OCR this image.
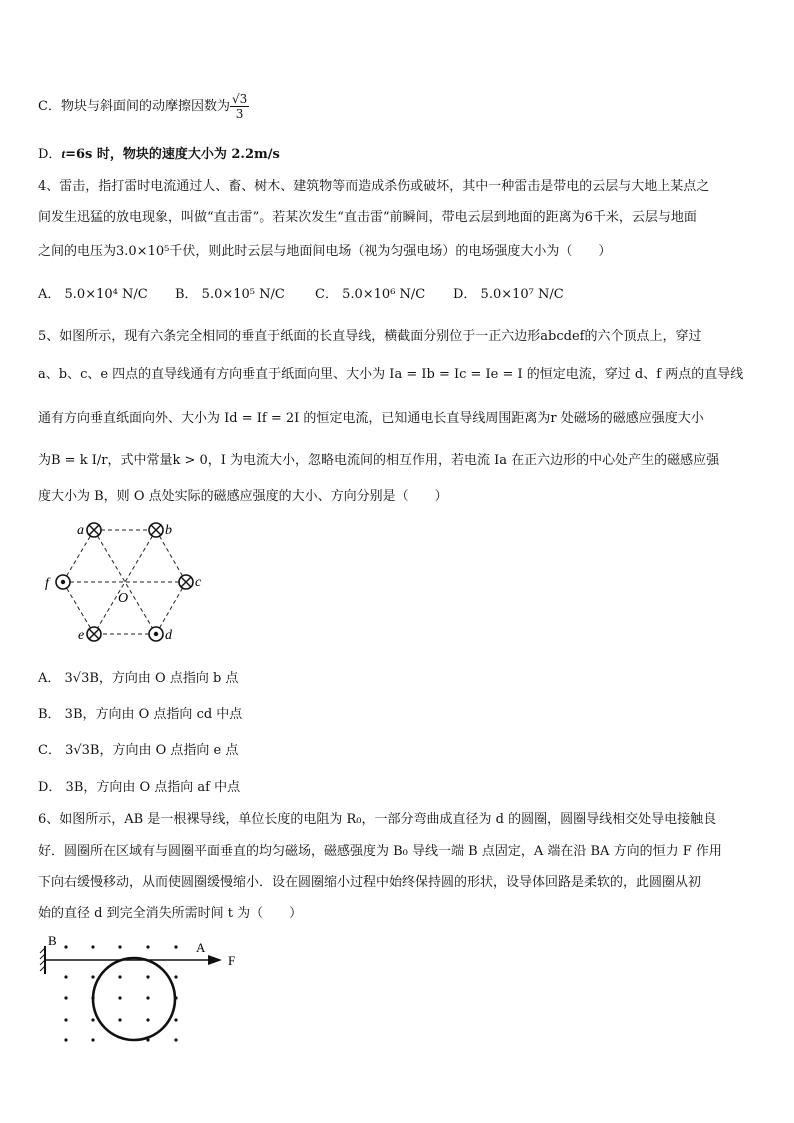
C．物块与斜面间的动摩擦因数为 $\frac{√3}{3}$
D．t=6s 时，物块的速度大小为 2.2m/s
4、雷击，指打雷时电流通过人、畜、树木、建筑物等而造成杀伤或破坏，其中一种雷击是带电的云层与大地上某点之
间发生迅猛的放电现象，叫做“直击雷”。若某次发生“直击雷”前瞬间，带电云层到地面的距离为6千米，云层与地面
之间的电压为3.0×10⁵千伏，则此时云层与地面间电场（视为匀强电场）的电场强度大小为（　　）
A． 5.0×10⁴ N/C B． 5.0×10⁵ N/C C． 5.0×10⁶ N/C D． 5.0×10⁷ N/C
5、如图所示，现有六条完全相同的垂直于纸面的长直导线，横截面分别位于一正六边形abcdef的六个顶点上，穿过
a、b、c、e 四点的直导线通有方向垂直于纸面向里、大小为 Ia = Ib = Ic = Ie = I 的恒定电流，穿过 d、f 两点的直导线
通有方向垂直纸面向外、大小为 Id = If = 2I 的恒定电流，已知通电长直导线周围距离为r 处磁场的磁感应强度大小
为B = k I/r，式中常量k > 0，I 为电流大小，忽略电流间的相互作用，若电流 Ia 在正六边形的中心处产生的磁感应强
度大小为 B，则 O 点处实际的磁感应强度的大小、方向分别是（　　）
a	b
c
d
e
f
O
A． 3√3B，方向由 O 点指向 b 点
B． 3B，方向由 O 点指向 cd 中点
C． 3√3B，方向由 O 点指向 e 点
D． 3B，方向由 O 点指向 af 中点
6、如图所示，AB 是一根裸导线，单位长度的电阻为 R₀，一部分弯曲成直径为 d 的圆圈，圆圈导线相交处导电接触良
好．圆圈所在区域有与圆圈平面垂直的均匀磁场，磁感强度为 B₀ 导线一端 B 点固定，A 端在沿 BA 方向的恒力 F 作用
下向右缓慢移动，从而使圆圈缓慢缩小．设在圆圈缩小过程中始终保持圆的形状，设导体回路是柔软的，此圆圈从初
始的直径 d 到完全消失所需时间 t 为（　　）
B	A
F
